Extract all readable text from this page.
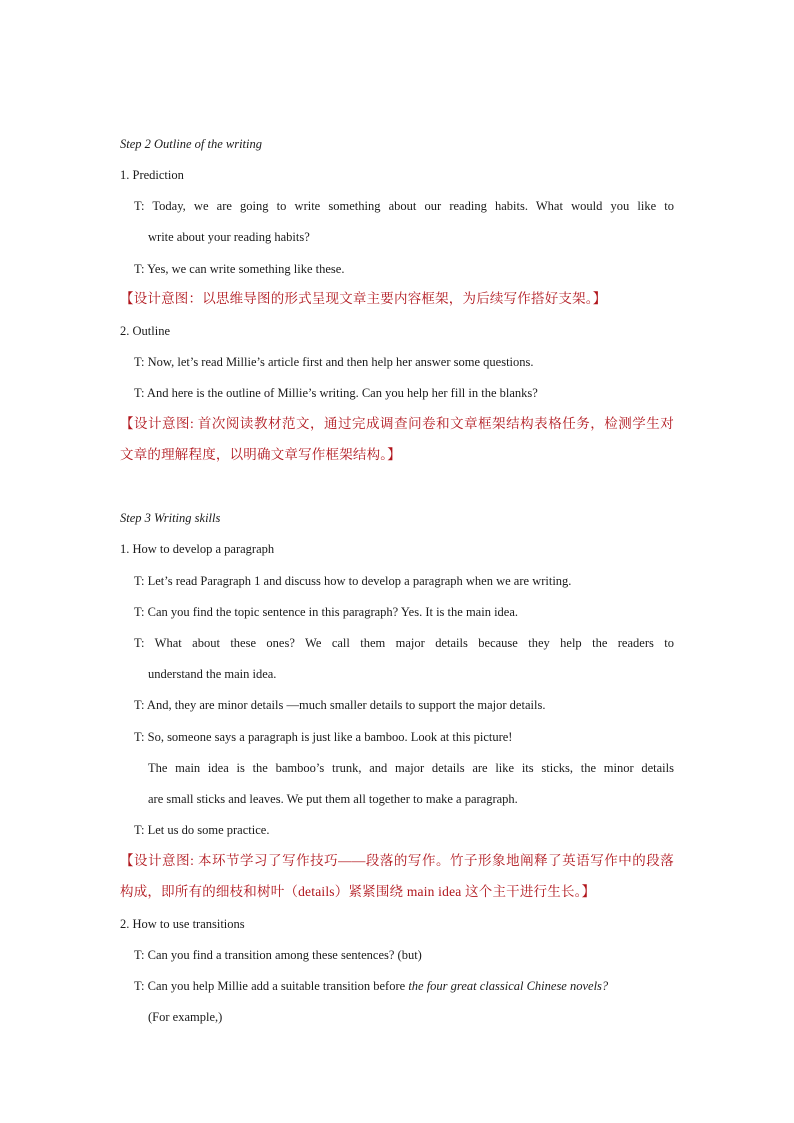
Step 2 Outline of the writing
1. Prediction
T: Today, we are going to write something about our reading habits. What would you like to
write about your reading habits?
T: Yes, we can write something like these.
【设计意图：以思维导图的形式呈现文章主要内容框架，为后续写作搭好支架。】
2. Outline
T: Now, let’s read Millie’s article first and then help her answer some questions.
T: And here is the outline of Millie’s writing. Can you help her fill in the blanks?
【设计意图: 首次阅读教材范文，通过完成调查问卷和文章框架结构表格任务，检测学生对
文章的理解程度，以明确文章写作框架结构。】
Step 3 Writing skills
1. How to develop a paragraph
T: Let’s read Paragraph 1 and discuss how to develop a paragraph when we are writing.
T: Can you find the topic sentence in this paragraph? Yes. It is the main idea.
T: What about these ones? We call them major details because they help the readers to
understand the main idea.
T: And, they are minor details —much smaller details to support the major details.
T: So, someone says a paragraph is just like a bamboo. Look at this picture!
The main idea is the bamboo’s trunk, and major details are like its sticks, the minor details
are small sticks and leaves. We put them all together to make a paragraph.
T: Let us do some practice.
【设计意图: 本环节学习了写作技巧——段落的写作。竹子形象地阐释了英语写作中的段落
构成，即所有的细枝和树叶（details）紧紧围绕 main idea 这个主干进行生长。】
2. How to use transitions
T: Can you find a transition among these sentences? (but)
T: Can you help Millie add a suitable transition before the four great classical Chinese novels?
(For example,)
